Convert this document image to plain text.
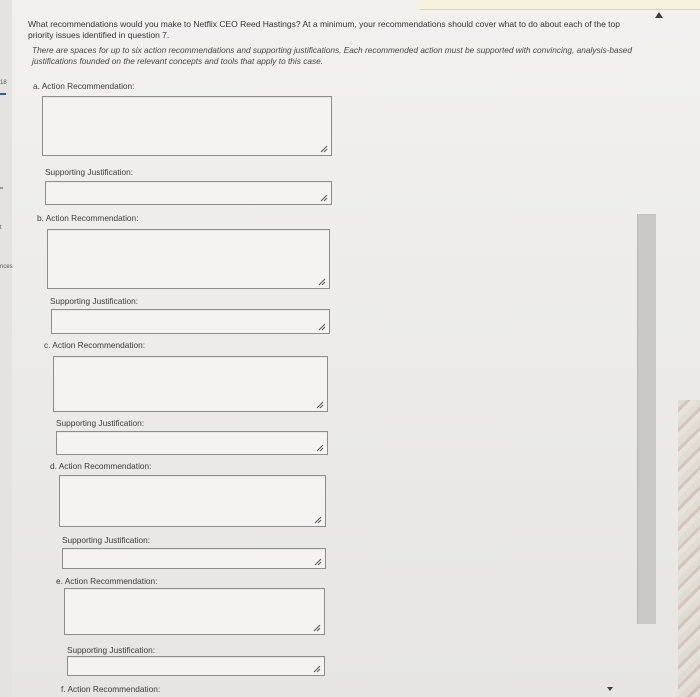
18
t
nces
What recommendations would you make to Netflix CEO Reed Hastings? At a minimum, your recommendations should cover what to do about each of the top priority issues identified in question 7.
There are spaces for up to six action recommendations and supporting justifications. Each recommended action must be supported with convincing, analysis-based justifications founded on the relevant concepts and tools that apply to this case.
a. Action Recommendation:
Supporting Justification:
b. Action Recommendation:
Supporting Justification:
c. Action Recommendation:
Supporting Justification:
d. Action Recommendation:
Supporting Justification:
e. Action Recommendation:
Supporting Justification:
f. Action Recommendation:
